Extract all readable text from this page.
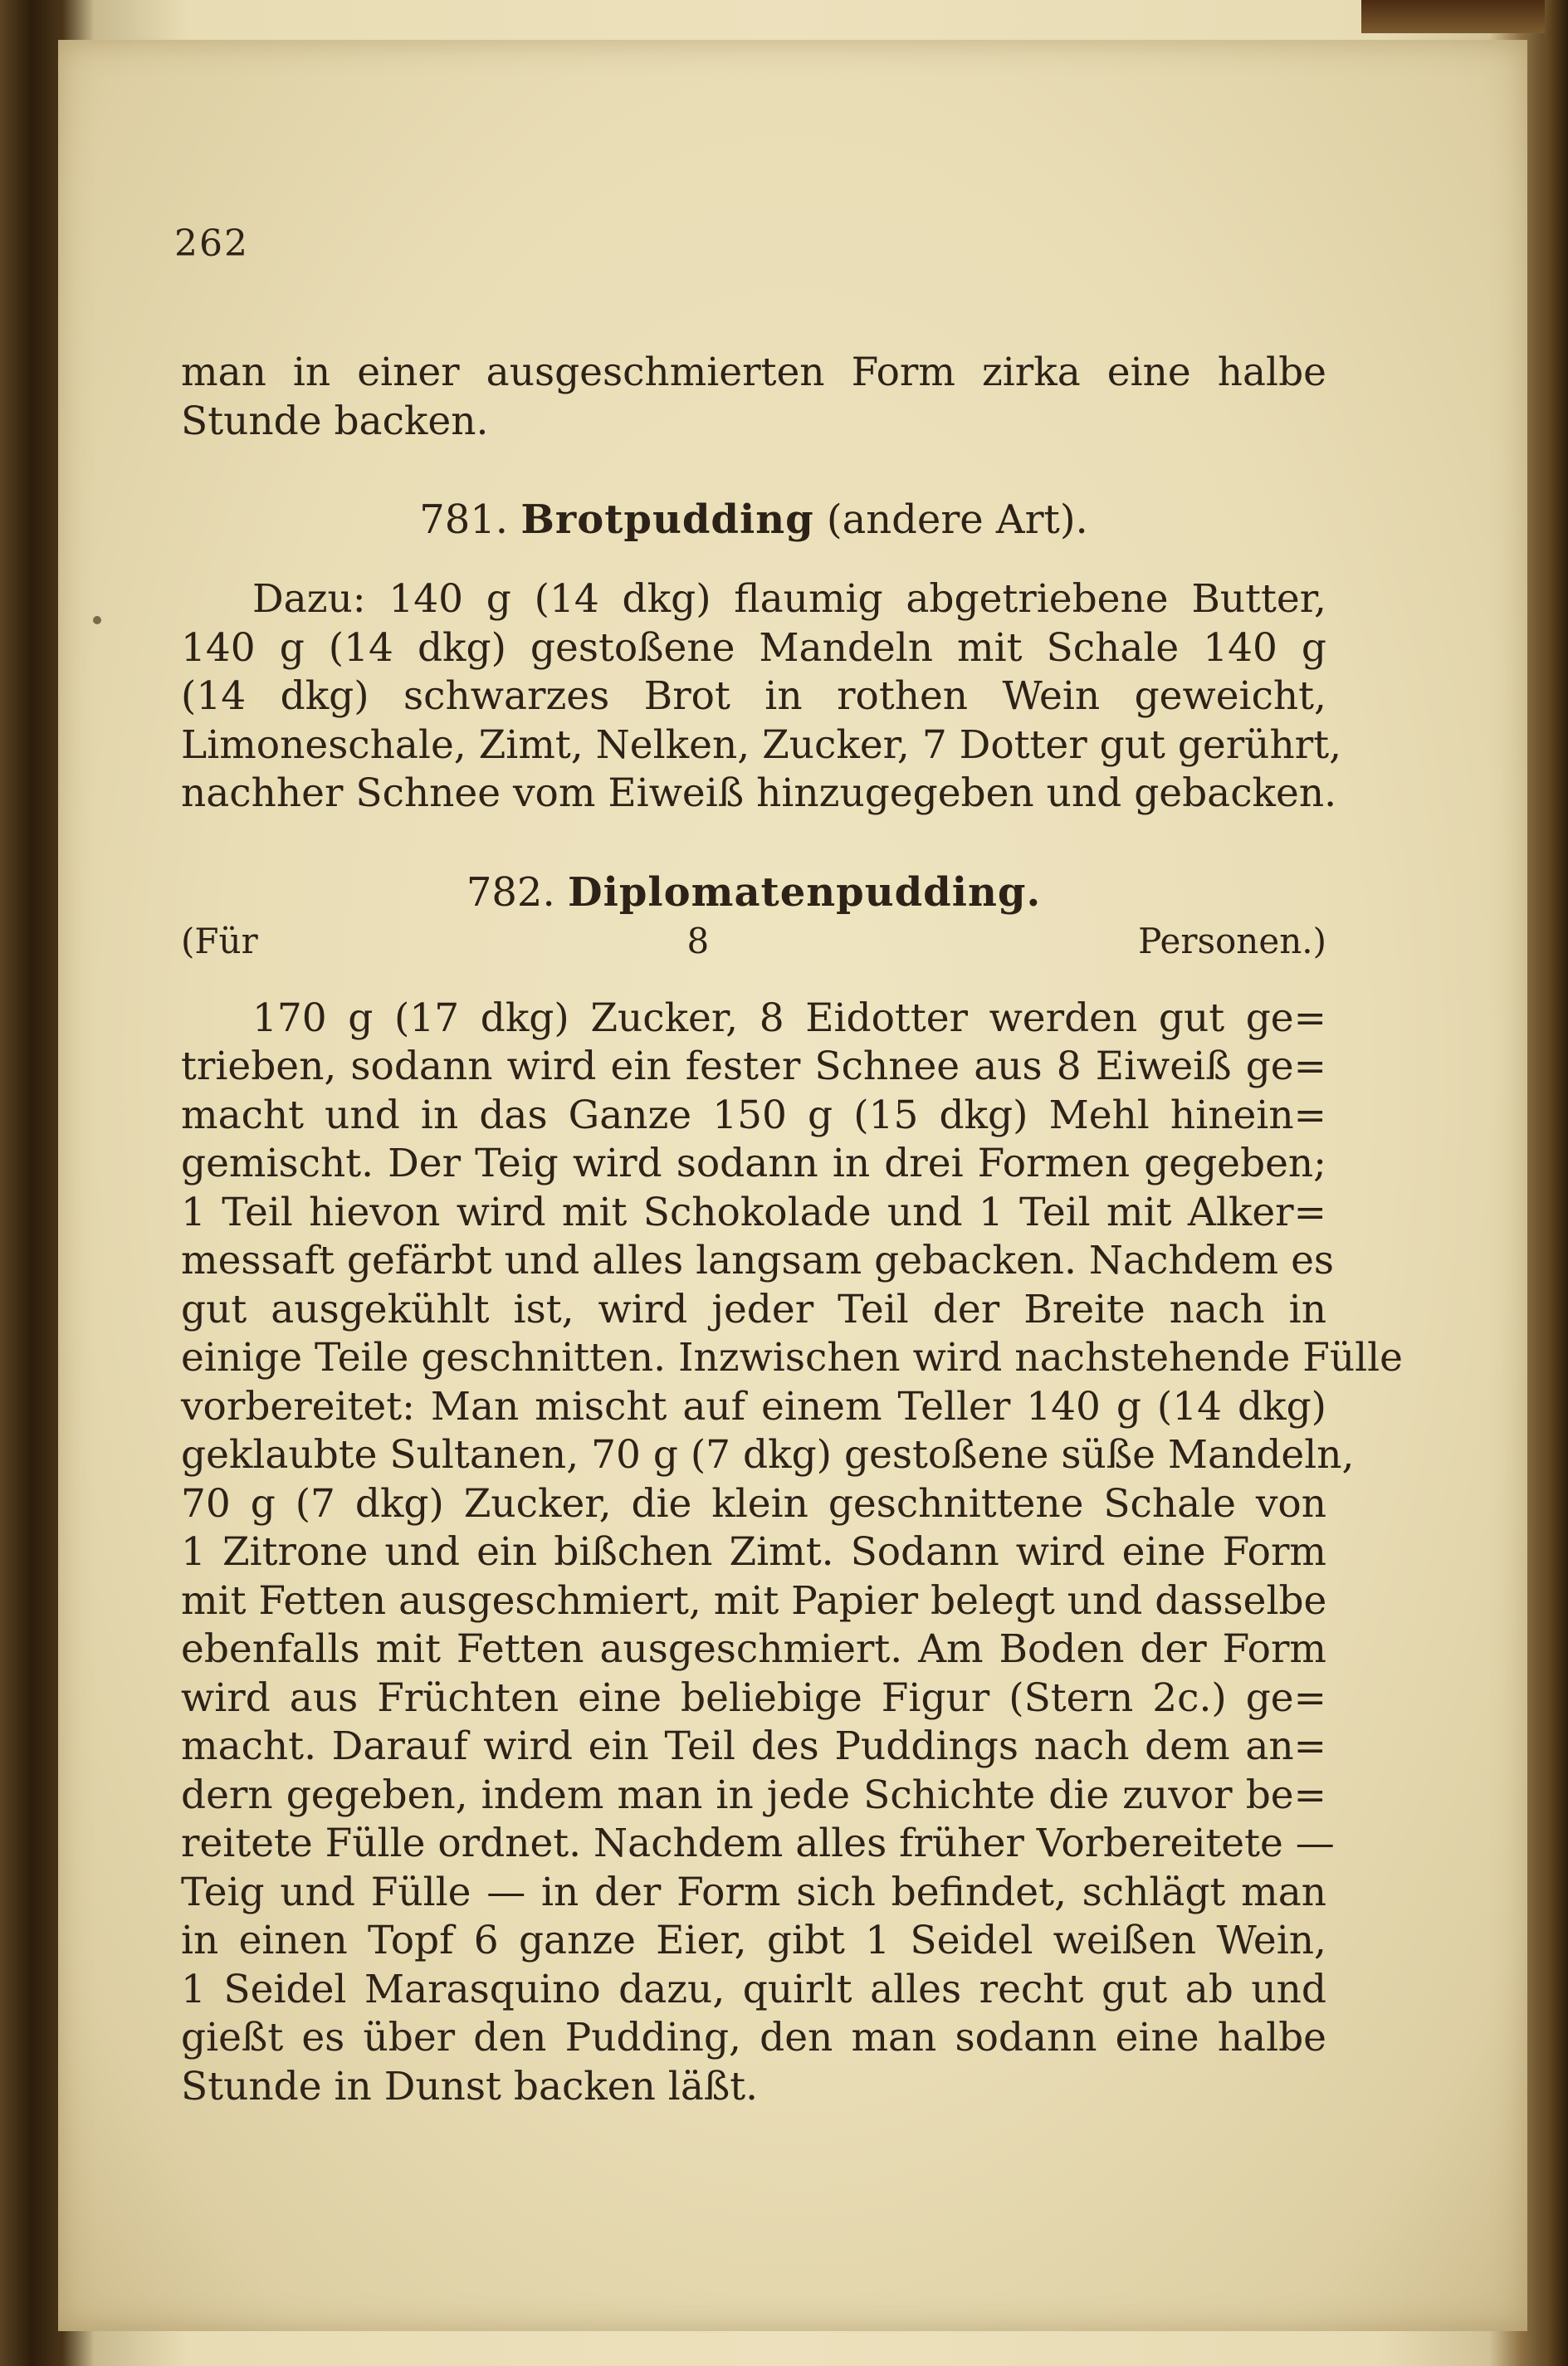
262
man in einer ausgeschmierten Form zirka eine halbe
Stunde backen.
781. Brotpudding (andere Art).
Dazu: 140 g (14 dkg) flaumig abgetriebene Butter,
140 g (14 dkg) gestoßene Mandeln mit Schale 140 g
(14 dkg) schwarzes Brot in rothen Wein geweicht,
Limoneschale, Zimt, Nelken, Zucker, 7 Dotter gut gerührt,
nachher Schnee vom Eiweiß hinzugegeben und gebacken.
782. Diplomatenpudding.
(Für 8 Personen.)
170 g (17 dkg) Zucker, 8 Eidotter werden gut ge=
trieben, sodann wird ein fester Schnee aus 8 Eiweiß ge=
macht und in das Ganze 150 g (15 dkg) Mehl hinein=
gemischt. Der Teig wird sodann in drei Formen gegeben;
1 Teil hievon wird mit Schokolade und 1 Teil mit Alker=
messaft gefärbt und alles langsam gebacken. Nachdem es
gut ausgekühlt ist, wird jeder Teil der Breite nach in
einige Teile geschnitten. Inzwischen wird nachstehende Fülle
vorbereitet: Man mischt auf einem Teller 140 g (14 dkg)
geklaubte Sultanen, 70 g (7 dkg) gestoßene süße Mandeln,
70 g (7 dkg) Zucker, die klein geschnittene Schale von
1 Zitrone und ein bißchen Zimt. Sodann wird eine Form
mit Fetten ausgeschmiert, mit Papier belegt und dasselbe
ebenfalls mit Fetten ausgeschmiert. Am Boden der Form
wird aus Früchten eine beliebige Figur (Stern 2c.) ge=
macht. Darauf wird ein Teil des Puddings nach dem an=
dern gegeben, indem man in jede Schichte die zuvor be=
reitete Fülle ordnet. Nachdem alles früher Vorbereitete —
Teig und Fülle — in der Form sich befindet, schlägt man
in einen Topf 6 ganze Eier, gibt 1 Seidel weißen Wein,
1 Seidel Marasquino dazu, quirlt alles recht gut ab und
gießt es über den Pudding, den man sodann eine halbe
Stunde in Dunst backen läßt.
